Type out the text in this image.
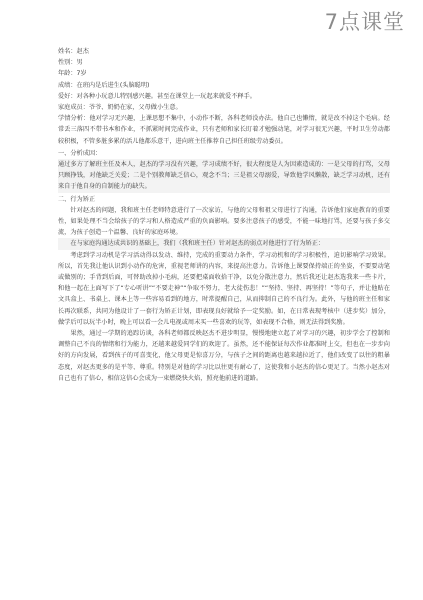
7点课堂

姓名：赵杰

性别：男

年龄：7岁

成绩：在班内是后进生(头脑聪明)

爱好：对各种小玩意儿特别感兴趣。甚至在课堂上一玩起来就爱不释手。

家庭成员：爷爷、奶奶在家，父母做小生意。

学情分析：他对学习无兴趣，上课思想不集中，小动作不断，各科老师没办法。他自己也懒惰，就是改不掉这个毛病。经常丢三落四不带书本和作业，不抓紧时间完成作业，只有老师和家长盯着才勉强动笔，对学习很无兴趣，平时卫生劳动都较积极，不管多脏多累的活儿他都乐意干，进向班主任推荐自己担任班级劳动委员。

一、分析成因：

通过多方了解班主任及本人，赵杰的学习没有兴趣，学习成绩不好，很大程度是人为因素造成的：一是父母的打骂，父母只顾挣钱，对他缺乏关爱；二是个别教师缺乏信心，观念不当；三是祖父母溺爱，导致他学风懒散，缺乏学习动机，还有来自于他自身的自制能力的缺失。

二、行为矫正

针对赵杰的问题，我和班主任老师特意进行了一次家访，与他的父母和祖父母进行了沟通，告诉他们家庭教育的重要性，如果处理不当会给孩子的学习和人格造成严重的负面影响。要多注意孩子的感受，不能一味地打骂，还要与孩子多交流，为孩子创造一个温馨、良好的家庭环境。

在与家庭沟通达成共识的基础上，我们（我和班主任）针对赵杰的弱点对他进行了行为矫正：

考虑到学习动机是学习活动得以发动、维持，完成的重要动力条件，学习动机和的学习积极性，迫切影响学习效果。所以，首先我让他认识到小动作的危害，重视老师讲的内容，来提高注意力。告诉他上课要保持端正的坐姿，不要要动笔或做别的；手背到后面，可替助改掉小毛病，还要把桌面收拾干净，以免分散注意力，然后我还让赵杰选我来一些卡片，和他一起在上面写下了“专心听讲”“不要走神”“争取不努力，老大徒伤悲！”“坚持、坚持、再坚持！”等句子，并让他贴在文具盒上、书桌上、课本上等一些容易看到的地方，时常提醒自己，从而抑制自己的不良行为。此外，与他的班主任和家长再次联系，共同为他设计了一套行为矫正计划，即表现良好就给予一定奖励。如，在日常表现考核中（进步奖）加分，做学后可以玩半小时，晚上可以看一会儿电视或周末买一些喜欢的玩等，如表现不合格，则无法得到奖励。

果然，通过一学期的追踪访谈，各科老师都反映赵杰不进步明显，慢慢地建立起了对学习的兴趣，初步学会了控制和调整自己不良的情绪和行为能力，还越来越爱同学们的欢迎了。虽然，还不能保证每次作业都准时上交，但也在一步步向好的方向发展，看到孩子的可喜变化，他父母更是惊喜万分，与孩子之间的距离也越来越拉近了，他们改变了以往的粗暴态度，对赵杰更多的是平等、尊重。特别是对他的学习比以往更有耐心了，这使我和小赵杰的信心更足了。当然小赵杰对自己也有了信心，相信这信心会成为一束燃烧快火焰，照亮他前进的道路。
